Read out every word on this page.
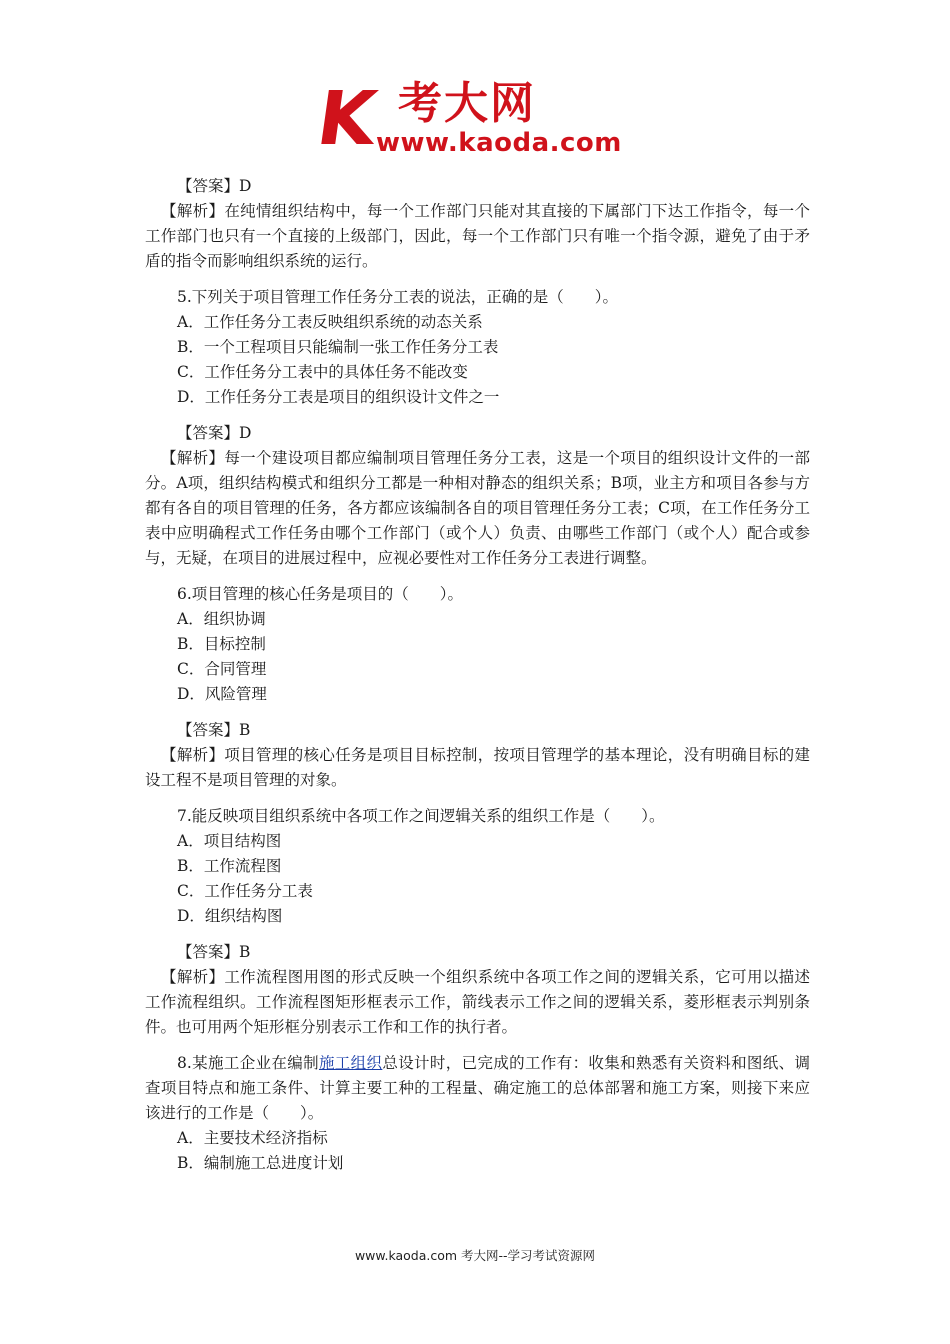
K 考大网
www.kaoda.com

【答案】D

【解析】在纯情组织结构中，每一个工作部门只能对其直接的下属部门下达工作指令，每一个工作部门也只有一个直接的上级部门，因此，每一个工作部门只有唯一个指令源，避免了由于矛盾的指令而影响组织系统的运行。

5.下列关于项目管理工作任务分工表的说法，正确的是（　　）。

A．工作任务分工表反映组织系统的动态关系

B．一个工程项目只能编制一张工作任务分工表

C．工作任务分工表中的具体任务不能改变

D．工作任务分工表是项目的组织设计文件之一

【答案】D

【解析】每一个建设项目都应编制项目管理任务分工表，这是一个项目的组织设计文件的一部分。A项，组织结构模式和组织分工都是一种相对静态的组织关系；B项，业主方和项目各参与方都有各自的项目管理的任务，各方都应该编制各自的项目管理任务分工表；C项，在工作任务分工表中应明确程式工作任务由哪个工作部门（或个人）负责、由哪些工作部门（或个人）配合或参与，无疑，在项目的进展过程中，应视必要性对工作任务分工表进行调整。

6.项目管理的核心任务是项目的（　　）。

A．组织协调

B．目标控制

C．合同管理

D．风险管理

【答案】B

【解析】项目管理的核心任务是项目目标控制，按项目管理学的基本理论，没有明确目标的建设工程不是项目管理的对象。

7.能反映项目组织系统中各项工作之间逻辑关系的组织工作是（　　）。

A．项目结构图

B．工作流程图

C．工作任务分工表

D．组织结构图

【答案】B

【解析】工作流程图用图的形式反映一个组织系统中各项工作之间的逻辑关系，它可用以描述工作流程组织。工作流程图矩形框表示工作，箭线表示工作之间的逻辑关系，菱形框表示判别条件。也可用两个矩形框分别表示工作和工作的执行者。

8.某施工企业在编制施工组织总设计时，已完成的工作有：收集和熟悉有关资料和图纸、调查项目特点和施工条件、计算主要工种的工程量、确定施工的总体部署和施工方案，则接下来应该进行的工作是（　　）。

A．主要技术经济指标

B．编制施工总进度计划

www.kaoda.com 考大网--学习考试资源网
